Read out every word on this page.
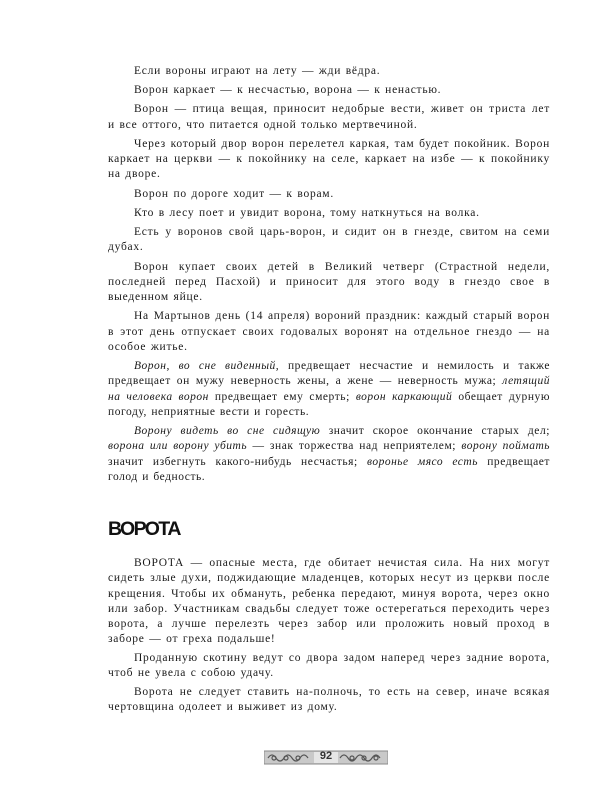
Если вороны играют на лету — жди вёдра.

Ворон каркает — к несчастью, ворона — к ненастью.

Ворон — птица вещая, приносит недобрые вести, живет он триста лет и все оттого, что питается одной только мертвечиной.

Через который двор ворон перелетел каркая, там будет покойник. Ворон каркает на церкви — к покойнику на селе, каркает на избе — к покойнику на дворе.

Ворон по дороге ходит — к ворам.

Кто в лесу поет и увидит ворона, тому наткнуться на волка.

Есть у воронов свой царь-ворон, и сидит он в гнезде, свитом на семи дубах.

Ворон купает своих детей в Великий четверг (Страстной недели, последней перед Пасхой) и приносит для этого воду в гнездо свое в выеденном яйце.

На Мартынов день (14 апреля) вороний праздник: каждый старый ворон в этот день отпускает своих годовалых воронят на отдельное гнездо — на особое житье.

Ворон, во сне виденный, предвещает несчастие и немилость и также предвещает он мужу неверность жены, а жене — неверность мужа; летящий на человека ворон предвещает ему смерть; ворон каркающий обещает дурную погоду, неприятные вести и горесть.

Ворону видеть во сне сидящую значит скорое окончание старых дел; ворона или ворону убить — знак торжества над неприятелем; ворону поймать значит избегнуть какого-нибудь несчастья; воронье мясо есть предвещает голод и бедность.

ВОРОТА

ВОРОТА — опасные места, где обитает нечистая сила. На них могут сидеть злые духи, поджидающие младенцев, которых несут из церкви после крещения. Чтобы их обмануть, ребенка передают, минуя ворота, через окно или забор. Участникам свадьбы следует тоже остерегаться переходить через ворота, а лучше перелезть через забор или проложить новый проход в заборе — от греха подальше!

Проданную скотину ведут со двора задом наперед через задние ворота, чтоб не увела с собою удачу.

Ворота не следует ставить на-полночь, то есть на север, иначе всякая чертовщина одолеет и выживет из дому.

92
